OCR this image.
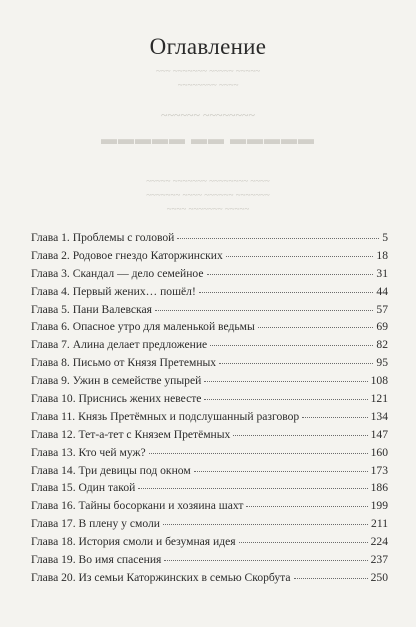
~~~ ~~~~~~~ ~~~~~ ~~~~~
~~~~~~~~ ~~~~
~~~~~~ ~~~~~~~~
▬▬▬▬▬ ▬▬ ▬▬▬▬▬
~~~~~ ~~~~~~~ ~~~~~~~~ ~~~~
~~~~~~~ ~~~~ ~~~~~~ ~~~~~~~
~~~~ ~~~~~~~ ~~~~~
Оглавление
Глава 1. Проблемы с головой	5
Глава 2. Родовое гнездо Каторжинских	18
Глава 3. Скандал — дело семейное	31
Глава 4. Первый жених… пошёл!	44
Глава 5. Пани Валевская	57
Глава 6. Опасное утро для маленькой ведьмы	69
Глава 7. Алина делает предложение	82
Глава 8. Письмо от Князя Претемных	95
Глава 9. Ужин в семействе упырей	108
Глава 10. Приснись жених невесте	121
Глава 11. Князь Претёмных и подслушанный разговор	134
Глава 12. Тет-а-тет с Князем Претёмных	147
Глава 13. Кто чей муж?	160
Глава 14. Три девицы под окном	173
Глава 15. Один такой	186
Глава 16. Тайны босоркани и хозяина шахт	199
Глава 17. В плену у смоли	211
Глава 18. История смоли и безумная идея	224
Глава 19. Во имя спасения	237
Глава 20. Из семьи Каторжинских в семью Скорбута	250
